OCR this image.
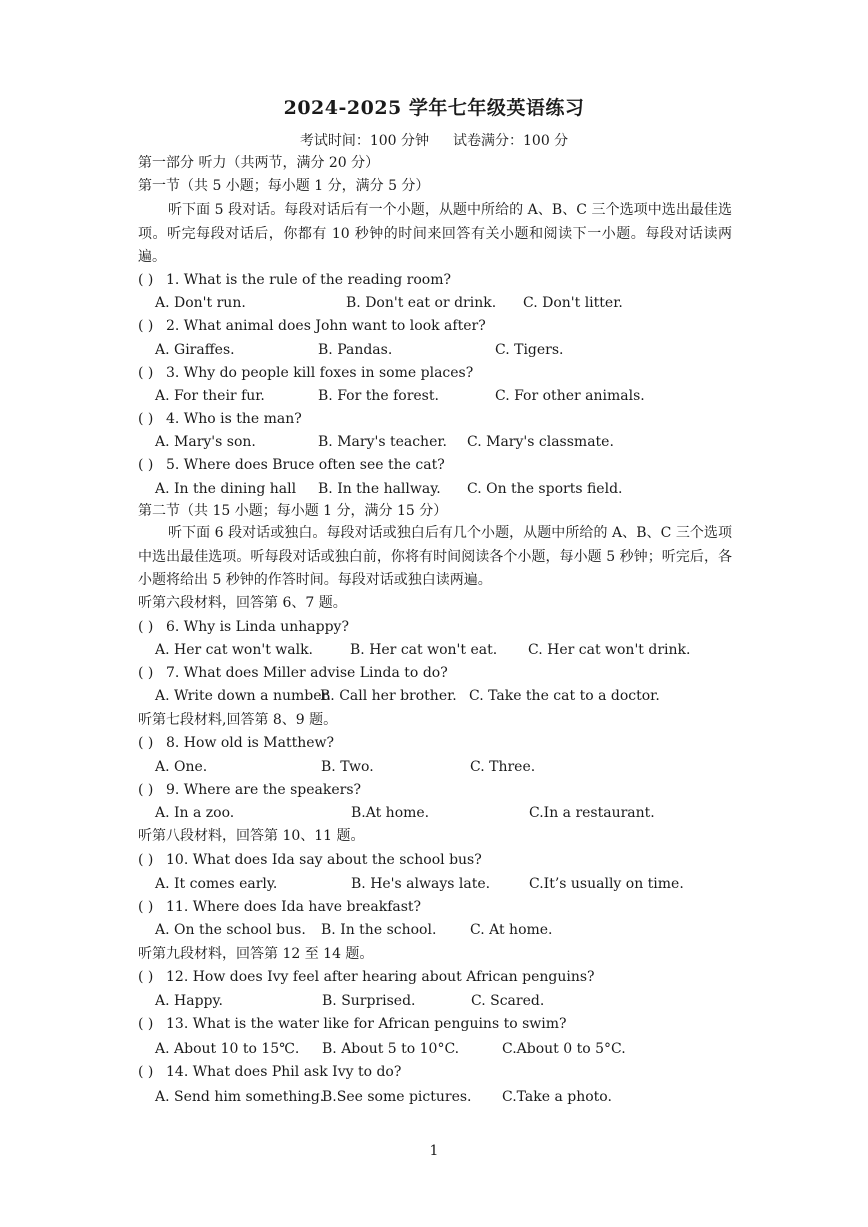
2024-2025 学年七年级英语练习
考试时间：100 分钟 试卷满分：100 分
第一部分 听力（共两节，满分 20 分）
第一节（共 5 小题；每小题 1 分，满分 5 分）
听下面 5 段对话。每段对话后有一个小题，从题中所给的 A、B、C 三个选项中选出最佳选项。听完每段对话后，你都有 10 秒钟的时间来回答有关小题和阅读下一小题。每段对话读两遍。
( ) 1. What is the rule of the reading room?
A. Don't run.	B. Don't eat or drink. C. Don't litter.
( ) 2. What animal does John want to look after?
A. Giraffes.	B. Pandas.	C. Tigers.
( ) 3. Why do people kill foxes in some places?
A. For their fur.	B. For the forest.	C. For other animals.
( ) 4. Who is the man?
A. Mary's son.	B. Mary's teacher. C. Mary's classmate.
( ) 5. Where does Bruce often see the cat?
A. In the dining hall B. In the hallway. C. On the sports field.
第二节（共 15 小题；每小题 1 分，满分 15 分）
听下面 6 段对话或独白。每段对话或独白后有几个小题，从题中所给的 A、B、C 三个选项中选出最佳选项。听每段对话或独白前，你将有时间阅读各个小题，每小题 5 秒钟；听完后，各小题将给出 5 秒钟的作答时间。每段对话或独白读两遍。
听第六段材料，回答第 6、7 题。
( ) 6. Why is Linda unhappy?
A. Her cat won't walk.	B. Her cat won't eat. C. Her cat won't drink.
( ) 7. What does Miller advise Linda to do?
A. Write down a number.
B. Call her brother. C. Take the cat to a doctor.
听第七段材料,回答第 8、9 题。
( ) 8. How old is Matthew?
A. One.	B. Two.	C. Three.
( ) 9. Where are the speakers?
A. In a zoo.	B.At home.	C.In a restaurant.
听第八段材料，回答第 10、11 题。
( ) 10. What does Ida say about the school bus?
A. It comes early.	B. He's always late.	C.It’s usually on time.
( ) 11. Where does Ida have breakfast?
A. On the school bus. B. In the school. C. At home.
听第九段材料，回答第 12 至 14 题。
( ) 12. How does Ivy feel after hearing about African penguins?
A. Happy.	B. Surprised.	C. Scared.
( ) 13. What is the water like for African penguins to swim?
A. About 10 to 15℃. B. About 5 to 10°C.	C.About 0 to 5°C.
( ) 14. What does Phil ask Ivy to do?
A. Send him something.
B.See some pictures. C.Take a photo.
1
